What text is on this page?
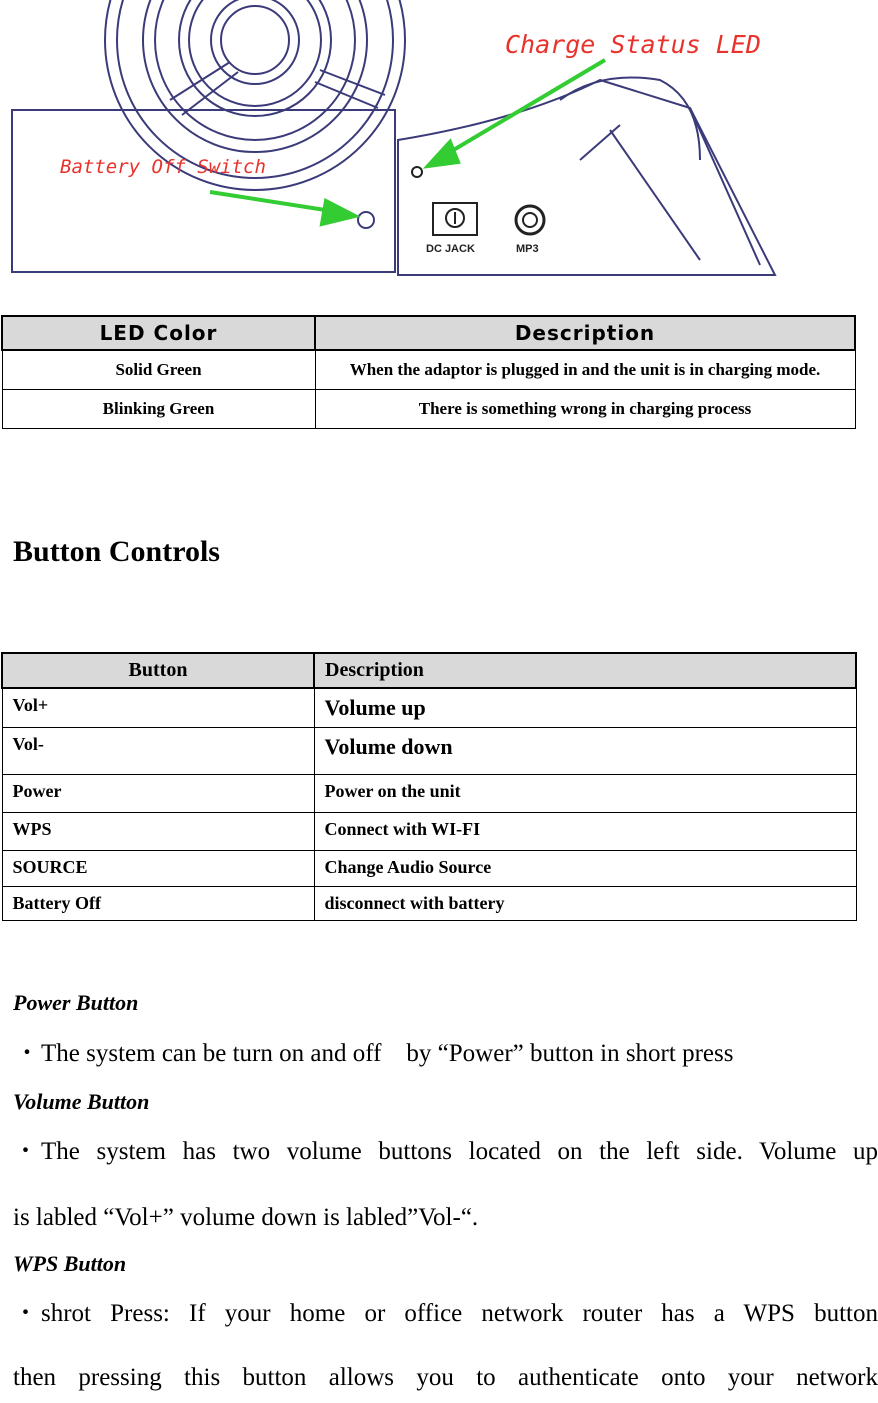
DC JACK	MP3
Charge Status LED
Battery Off Switch
LED Color	Description
Solid Green	When the adaptor is plugged in and the unit is in charging mode.
Blinking Green	There is something wrong in charging process
Button Controls
Button	Description

Vol+	Volume up

Vol-	Volume down

Power	Power on the unit

WPS	Connect with WI-FI

SOURCE	Change Audio Source

Battery Off	disconnect with battery
Power Button

・The system can be turn on and off　by “Power” button in short press

Volume Button

・ The system has two volume buttons located on the left side. Volume up

is labled “Vol+” volume down is labled”Vol-“.

WPS Button

・ shrot Press: If your home or office network router has a WPS button

then pressing this button allows you to authenticate onto your network
